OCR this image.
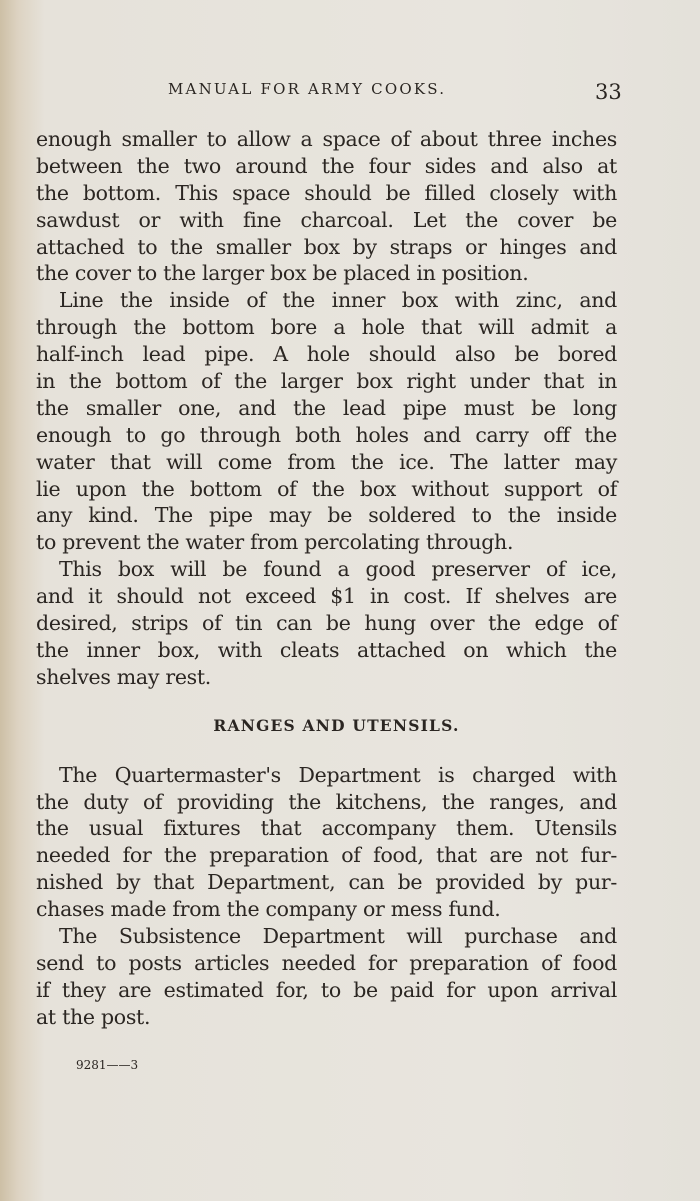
MANUAL FOR ARMY COOKS.	33
enough smaller to allow a space of about three inches
between the two around the four sides and also at
the bottom. This space should be filled closely with
sawdust or with fine charcoal. Let the cover be
attached to the smaller box by straps or hinges and
the cover to the larger box be placed in position.
Line the inside of the inner box with zinc, and
through the bottom bore a hole that will admit a
half-inch lead pipe. A hole should also be bored
in the bottom of the larger box right under that in
the smaller one, and the lead pipe must be long
enough to go through both holes and carry off the
water that will come from the ice. The latter may
lie upon the bottom of the box without support of
any kind. The pipe may be soldered to the inside
to prevent the water from percolating through.
This box will be found a good preserver of ice,
and it should not exceed $1 in cost. If shelves are
desired, strips of tin can be hung over the edge of
the inner box, with cleats attached on which the
shelves may rest.
RANGES AND UTENSILS.
The Quartermaster's Department is charged with
the duty of providing the kitchens, the ranges, and
the usual fixtures that accompany them. Utensils
needed for the preparation of food, that are not fur-
nished by that Department, can be provided by pur-
chases made from the company or mess fund.
The Subsistence Department will purchase and
send to posts articles needed for preparation of food
if they are estimated for, to be paid for upon arrival
at the post.
9281——3
